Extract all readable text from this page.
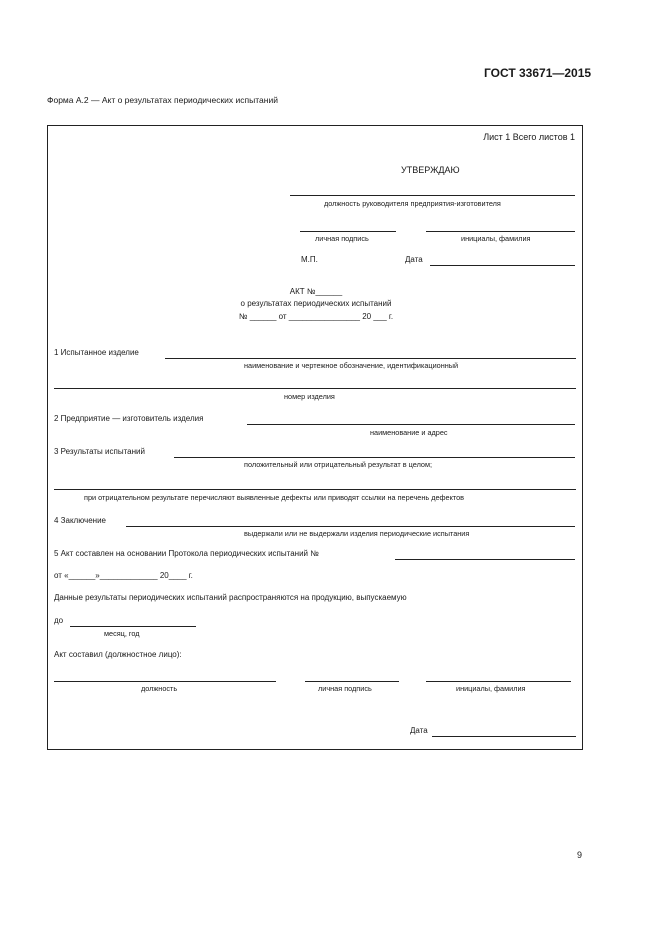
ГОСТ 33671—2015
Форма А.2 — Акт о результатах периодических испытаний
Лист 1 Всего листов 1
УТВЕРЖДАЮ
должность руководителя предприятия-изготовителя
личная подпись	инициалы, фамилия
М.П.	Дата
АКТ №______
о результатах периодических испытаний
№ ______ от ________________ 20 ___ г.
1 Испытанное изделие
наименование и чертежное обозначение, идентификационный
номер изделия
2 Предприятие — изготовитель изделия
наименование и адрес
3 Результаты испытаний
положительный или отрицательный результат в целом;
при отрицательном результате перечисляют выявленные дефекты или приводят ссылки на перечень дефектов
4 Заключение
выдержали или не выдержали изделия периодические испытания
5 Акт составлен на основании Протокола периодических испытаний №
от «______»_____________ 20____ г.
Данные результаты периодических испытаний распространяются на продукцию, выпускаемую
до
месяц, год
Акт составил (должностное лицо):
должность	личная подпись	инициалы, фамилия
Дата
9
